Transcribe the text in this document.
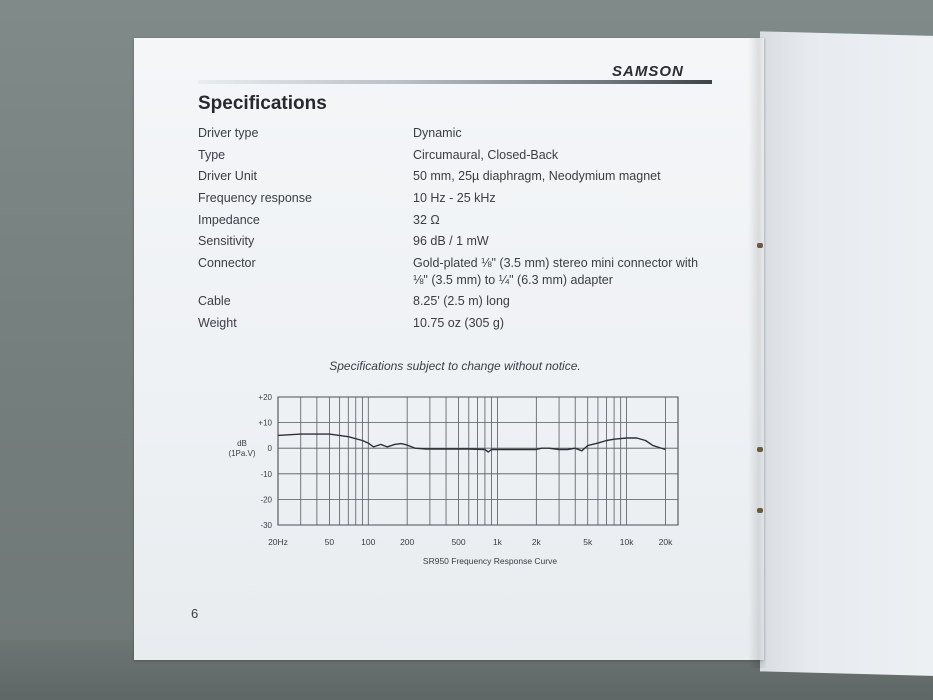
SAMSON
Specifications
Driver type	Dynamic
Type	Circumaural, Closed-Back
Driver Unit	50 mm, 25µ diaphragm, Neodymium magnet
Frequency response	10 Hz - 25 kHz
Impedance	32 Ω
Sensitivity	96 dB / 1 mW
Connector	Gold-plated ⅛" (3.5 mm) stereo mini connector with
⅛" (3.5 mm) to ¼" (6.3 mm) adapter
Cable	8.25' (2.5 m) long
Weight	10.75 oz (305 g)
Specifications subject to change without notice.
+20
+10
0
-10
-20
-30
20Hz	50	100	200	500	1k	2k	5k	10k	20k
dB
(1Pa.V)
SR950 Frequency Response Curve
6
